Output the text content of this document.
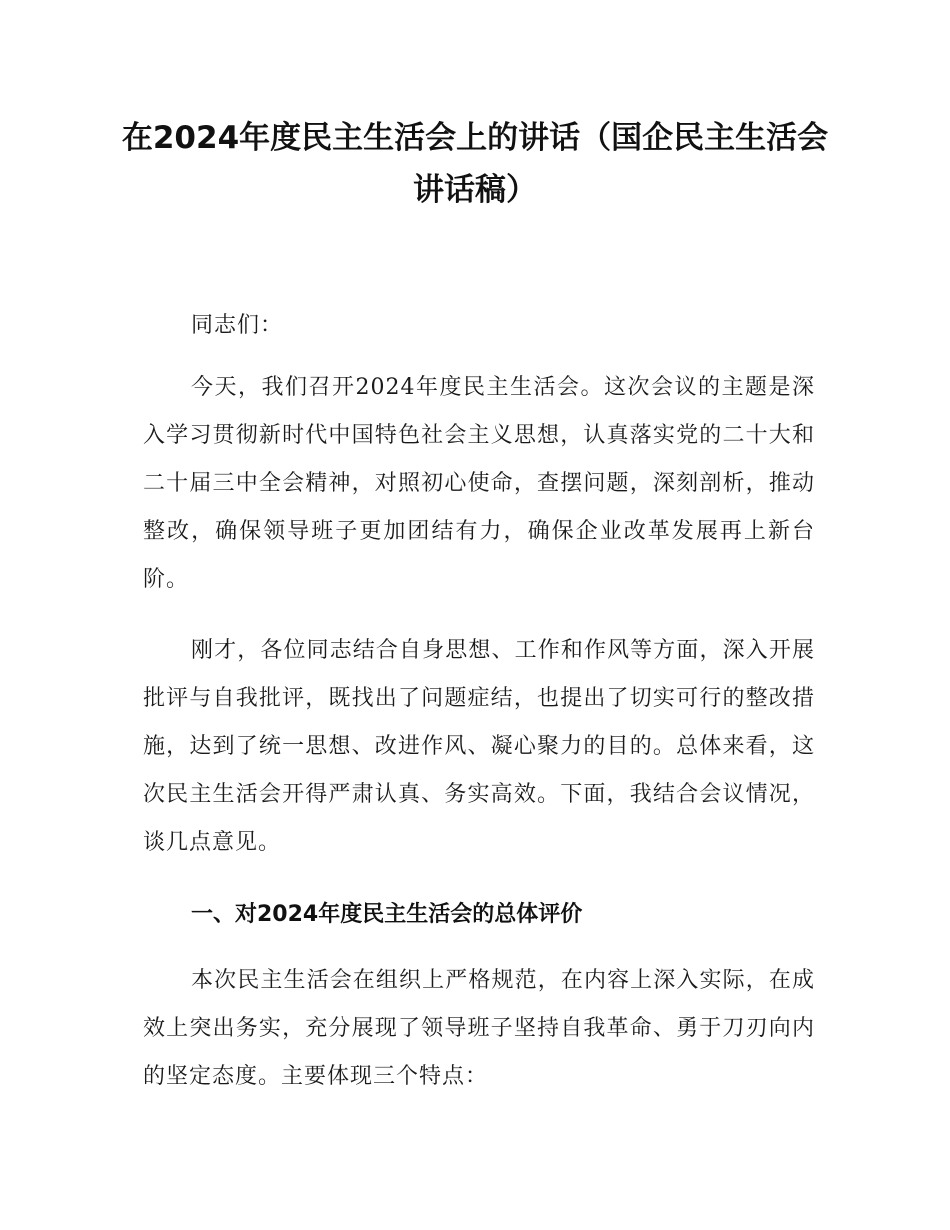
在2024年度民主生活会上的讲话（国企民主生活会讲话稿）

同志们：

今天，我们召开2024年度民主生活会。这次会议的主题是深入学习贯彻新时代中国特色社会主义思想，认真落实党的二十大和二十届三中全会精神，对照初心使命，查摆问题，深刻剖析，推动整改，确保领导班子更加团结有力，确保企业改革发展再上新台阶。

刚才，各位同志结合自身思想、工作和作风等方面，深入开展批评与自我批评，既找出了问题症结，也提出了切实可行的整改措施，达到了统一思想、改进作风、凝心聚力的目的。总体来看，这次民主生活会开得严肃认真、务实高效。下面，我结合会议情况，谈几点意见。

一、对2024年度民主生活会的总体评价

本次民主生活会在组织上严格规范，在内容上深入实际，在成效上突出务实，充分展现了领导班子坚持自我革命、勇于刀刃向内的坚定态度。主要体现三个特点：
